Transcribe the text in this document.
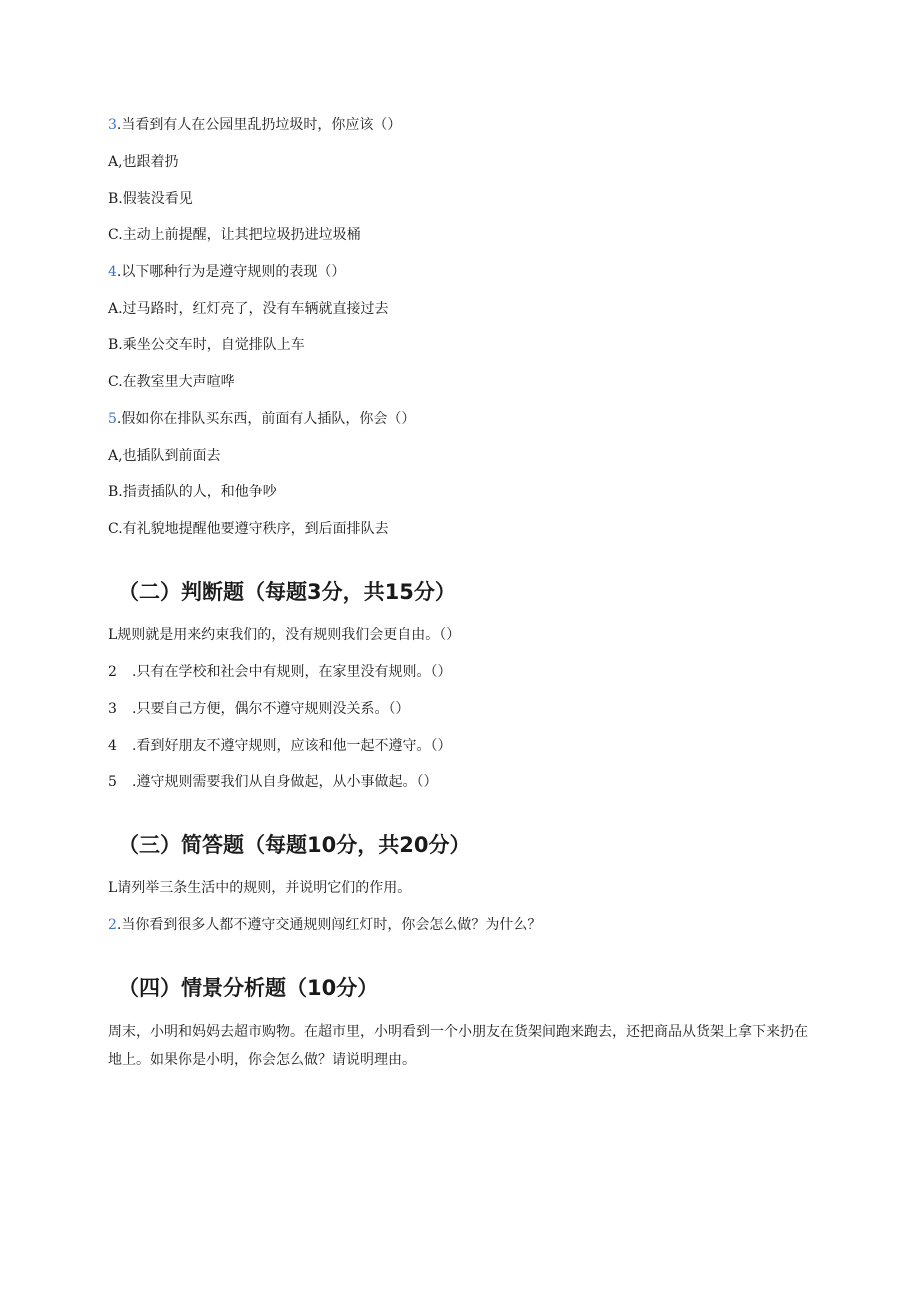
3.当看到有人在公园里乱扔垃圾时，你应该（）
A,也跟着扔
B.假装没看见
C.主动上前提醒，让其把垃圾扔进垃圾桶
4.以下哪种行为是遵守规则的表现（）
A.过马路时，红灯亮了，没有车辆就直接过去
B.乘坐公交车时，自觉排队上车
C.在教室里大声喧哗
5.假如你在排队买东西，前面有人插队，你会（）
A,也插队到前面去
B.指责插队的人，和他争吵
C.有礼貌地提醒他要遵守秩序，到后面排队去
（二）判断题（每题3分，共15分）
L规则就是用来约束我们的，没有规则我们会更自由。（）
2 .只有在学校和社会中有规则，在家里没有规则。（）
3 .只要自己方便，偶尔不遵守规则没关系。（）
4 .看到好朋友不遵守规则，应该和他一起不遵守。（）
5 .遵守规则需要我们从自身做起，从小事做起。（）
（三）简答题（每题10分，共20分）
L请列举三条生活中的规则，并说明它们的作用。
2.当你看到很多人都不遵守交通规则闯红灯时，你会怎么做？为什么？
（四）情景分析题（10分）
周末，小明和妈妈去超市购物。在超市里，小明看到一个小朋友在货架间跑来跑去，还把商品从货架上拿下来扔在地上。如果你是小明，你会怎么做？请说明理由。
